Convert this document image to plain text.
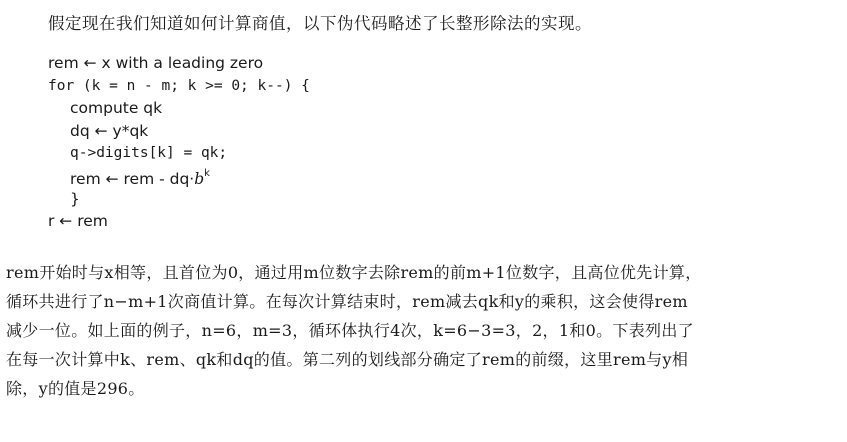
假定现在我们知道如何计算商值，以下伪代码略述了长整形除法的实现。
rem ← x with a leading zero
for (k = n - m; k >= 0; k--) {
compute qk
dq ← y*qk
q->digits[k] = qk;
rem ← rem - $dq\cdot b^k$
}
r ← rem
rem开始时与x相等，且首位为0，通过用m位数字去除rem的前m+1位数字，且高位优先计算，
循环共进行了n−m+1次商值计算。在每次计算结束时，rem减去qk和y的乘积，这会使得rem
减少一位。如上面的例子，n=6，m=3，循环体执行4次，k=6−3=3，2，1和0。下表列出了
在每一次计算中k、rem、qk和dq的值。第二列的划线部分确定了rem的前缀，这里rem与y相
除，y的值是296。
